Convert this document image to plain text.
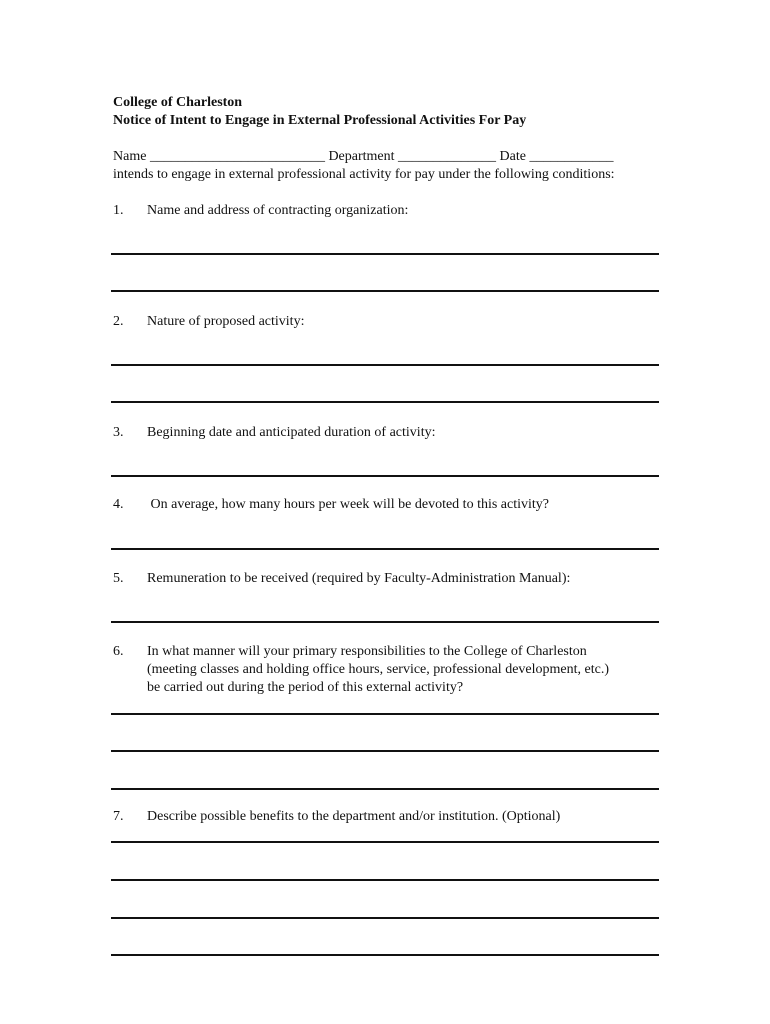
College of Charleston
Notice of Intent to Engage in External Professional Activities For Pay
Name _________________________ Department ______________ Date ____________
intends to engage in external professional activity for pay under the following conditions:
1. Name and address of contracting organization:
2. Nature of proposed activity:
3. Beginning date and anticipated duration of activity:
4. On average, how many hours per week will be devoted to this activity?
5. Remuneration to be received (required by Faculty-Administration Manual):
6. In what manner will your primary responsibilities to the College of Charleston
(meeting classes and holding office hours, service, professional development, etc.)
be carried out during the period of this external activity?
7. Describe possible benefits to the department and/or institution. (Optional)
